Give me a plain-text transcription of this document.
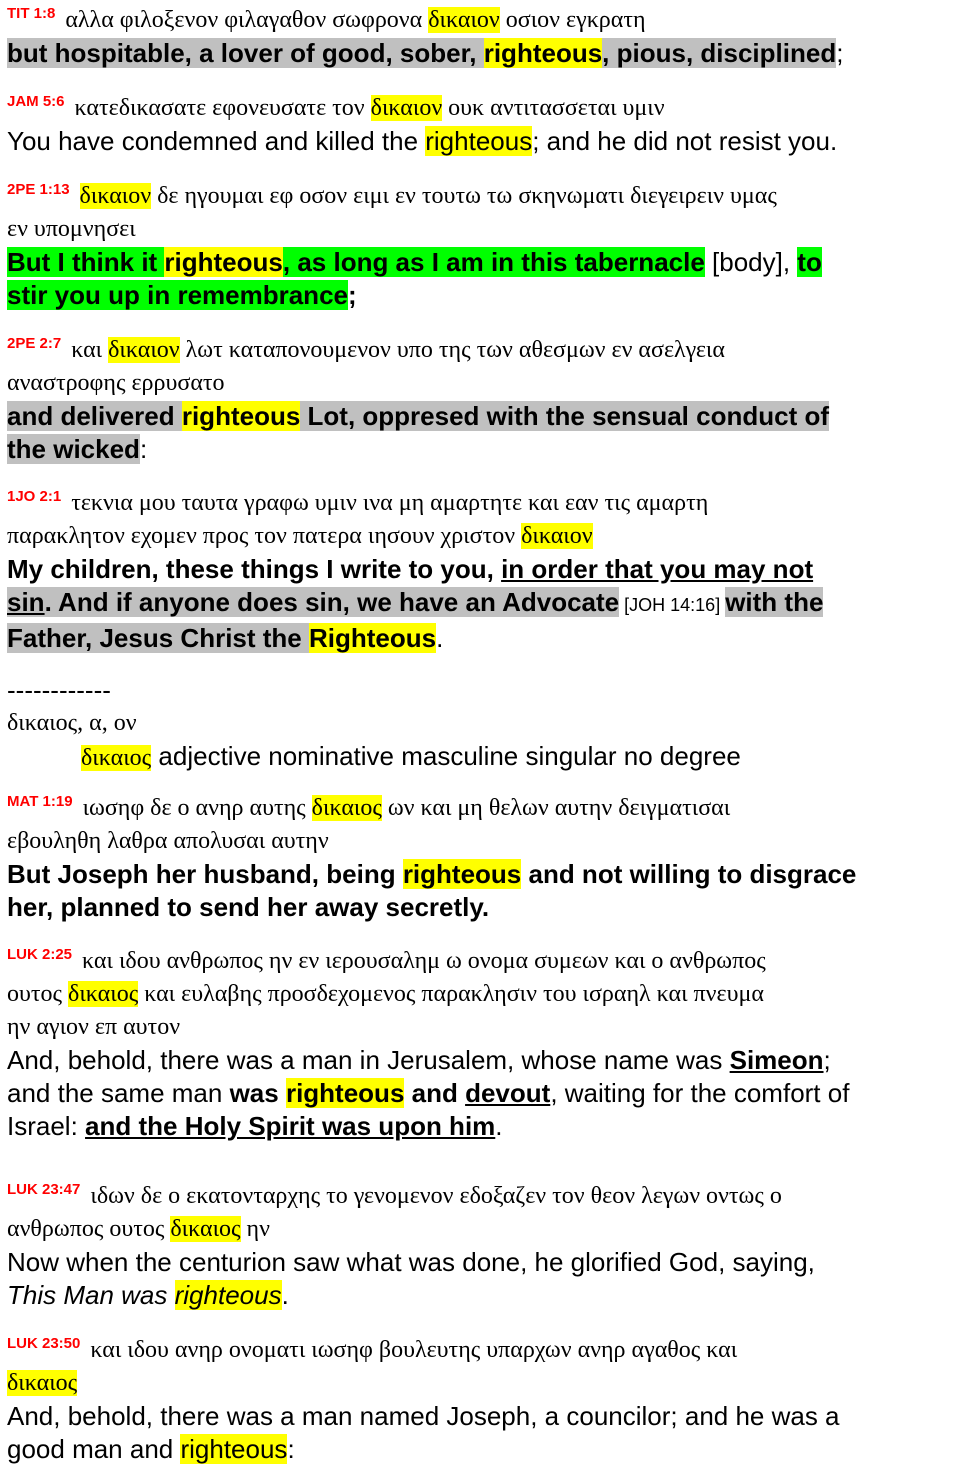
$^{TIT 1:8}$ αλλα φιλοξενον φιλαγαθον σωφρονα δικαιον οσιον εγκρατη
but hospitable, a lover of good, sober, righteous, pious, disciplined;
$^{JAM 5:6}$ κατεδικασατε εφονευσατε τον δικαιον ουκ αντιτασσεται υμιν
You have condemned and killed the righteous; and he did not resist you.
$^{2PE 1:13}$ δικαιον δε ηγουμαι εφ οσον ειμι εν τουτω τω σκηνωματι διεγειρειν υμας
εν υπομνησει
But I think it righteous, as long as I am in this tabernacle [body], to
stir you up in remembrance;
$^{2PE 2:7}$ και δικαιον λωτ καταπονουμενον υπο της των αθεσμων εν ασελγεια
αναστροφης ερρυσατο
and delivered righteous Lot, oppresed with the sensual conduct of
the wicked:
$^{1JO 2:1}$ τεκνια μου ταυτα γραφω υμιν ινα μη αμαρτητε και εαν τις αμαρτη
παρακλητον εχομεν προς τον πατερα ιησουν χριστον δικαιον
My children, these things I write to you, in order that you may not
sin. And if anyone does sin, we have an Advocate [JOH 14:16] with the
Father, Jesus Christ the Righteous.
------------
δικαιος, α, ον
δικαιος adjective nominative masculine singular no degree
$^{MAT 1:19}$ ιωσηφ δε ο ανηρ αυτης δικαιος ων και μη θελων αυτην δειγματισαι
εβουληθη λαθρα απολυσαι αυτην
But Joseph her husband, being righteous and not willing to disgrace
her, planned to send her away secretly.
$^{LUK 2:25}$ και ιδου ανθρωπος ην εν ιερουσαλημ ω ονομα συμεων και ο ανθρωπος
ουτος δικαιος και ευλαβης προσδεχομενος παρακλησιν του ισραηλ και πνευμα
ην αγιον επ αυτον
And, behold, there was a man in Jerusalem, whose name was Simeon;
and the same man was righteous and devout, waiting for the comfort of
Israel: and the Holy Spirit was upon him.
$^{LUK 23:47}$ ιδων δε ο εκατονταρχης το γενομενον εδοξαζεν τον θεον λεγων οντως ο
ανθρωπος ουτος δικαιος ην
Now when the centurion saw what was done, he glorified God, saying,
This Man was righteous.
$^{LUK 23:50}$ και ιδου ανηρ ονοματι ιωσηφ βουλευτης υπαρχων ανηρ αγαθος και
δικαιος
And, behold, there was a man named Joseph, a councilor; and he was a
good man and righteous:
